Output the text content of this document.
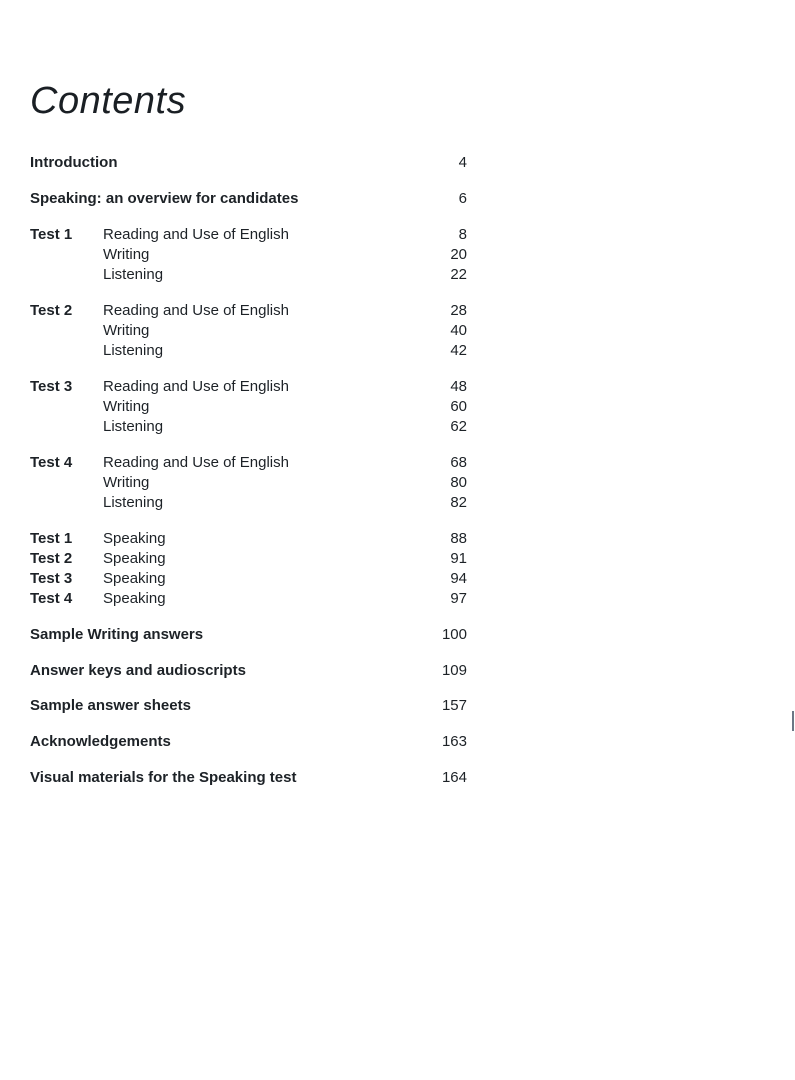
Contents
Introduction	4
Speaking: an overview for candidates	6
Test 1 Reading and Use of English	8
Writing	20
Listening	22
Test 2 Reading and Use of English	28
Writing	40
Listening	42
Test 3 Reading and Use of English	48
Writing	60
Listening	62
Test 4 Reading and Use of English	68
Writing	80
Listening	82
Test 1 Speaking	88
Test 2 Speaking	91
Test 3 Speaking	94
Test 4 Speaking	97
Sample Writing answers	100
Answer keys and audioscripts	109
Sample answer sheets	157
Acknowledgements	163
Visual materials for the Speaking test	164
